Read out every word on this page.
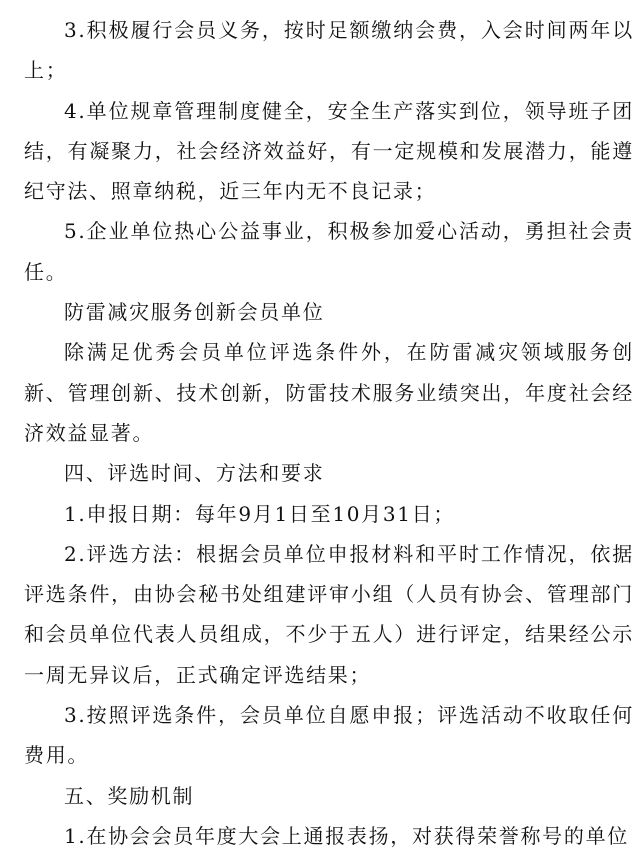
3.积极履行会员义务，按时足额缴纳会费，入会时间两年以上；

4.单位规章管理制度健全，安全生产落实到位，领导班子团结，有凝聚力，社会经济效益好，有一定规模和发展潜力，能遵纪守法、照章纳税，近三年内无不良记录；

5.企业单位热心公益事业，积极参加爱心活动，勇担社会责任。

防雷减灾服务创新会员单位

除满足优秀会员单位评选条件外，在防雷减灾领域服务创新、管理创新、技术创新，防雷技术服务业绩突出，年度社会经济效益显著。

四、评选时间、方法和要求

1.申报日期：每年9月1日至10月31日；

2.评选方法：根据会员单位申报材料和平时工作情况，依据评选条件，由协会秘书处组建评审小组（人员有协会、管理部门和会员单位代表人员组成，不少于五人）进行评定，结果经公示一周无异议后，正式确定评选结果；

3.按照评选条件，会员单位自愿申报；评选活动不收取任何费用。

五、奖励机制

1.在协会会员年度大会上通报表扬，对获得荣誉称号的单位
